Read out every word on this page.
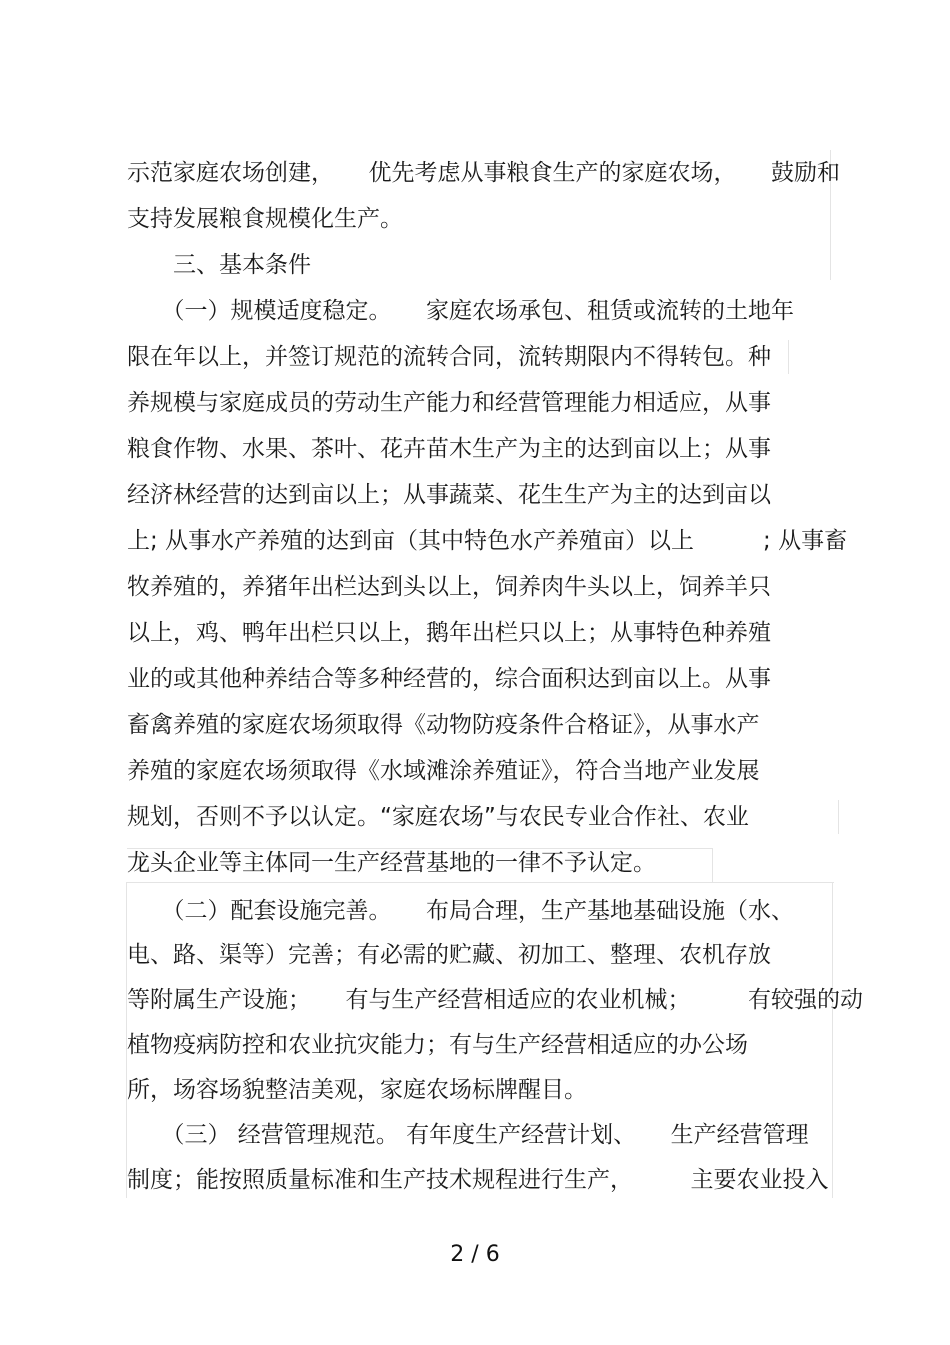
示范家庭农场创建，　　优先考虑从事粮食生产的家庭农场，　　鼓励和
支持发展粮食规模化生产。
　　三、基本条件
　　（一）规模适度稳定。　　家庭农场承包、租赁或流转的土地年
限在年以上，并签订规范的流转合同，流转期限内不得转包。种
养规模与家庭成员的劳动生产能力和经营管理能力相适应，从事
粮食作物、水果、茶叶、花卉苗木生产为主的达到亩以上；从事
经济林经营的达到亩以上；从事蔬菜、花生生产为主的达到亩以
上; 从事水产养殖的达到亩（其中特色水产养殖亩）以上　　　; 从事畜
牧养殖的，养猪年出栏达到头以上，饲养肉牛头以上，饲养羊只
以上，鸡、鸭年出栏只以上，鹅年出栏只以上；从事特色种养殖
业的或其他种养结合等多种经营的，综合面积达到亩以上。从事
畜禽养殖的家庭农场须取得《动物防疫条件合格证》，从事水产
养殖的家庭农场须取得《水域滩涂养殖证》，符合当地产业发展
规划，否则不予以认定。“家庭农场”与农民专业合作社、农业
龙头企业等主体同一生产经营基地的一律不予认定。
　　（二）配套设施完善。　　布局合理，生产基地基础设施（水、
电、路、渠等）完善；有必需的贮藏、初加工、整理、农机存放
等附属生产设施；　　有与生产经营相适应的农业机械；　　　有较强的动
植物疫病防控和农业抗灾能力；有与生产经营相适应的办公场
所，场容场貌整洁美观，家庭农场标牌醒目。
　　（三） 经营管理规范。 有年度生产经营计划、　　生产经营管理
制度；能按照质量标准和生产技术规程进行生产，　　　主要农业投入
2 / 6
